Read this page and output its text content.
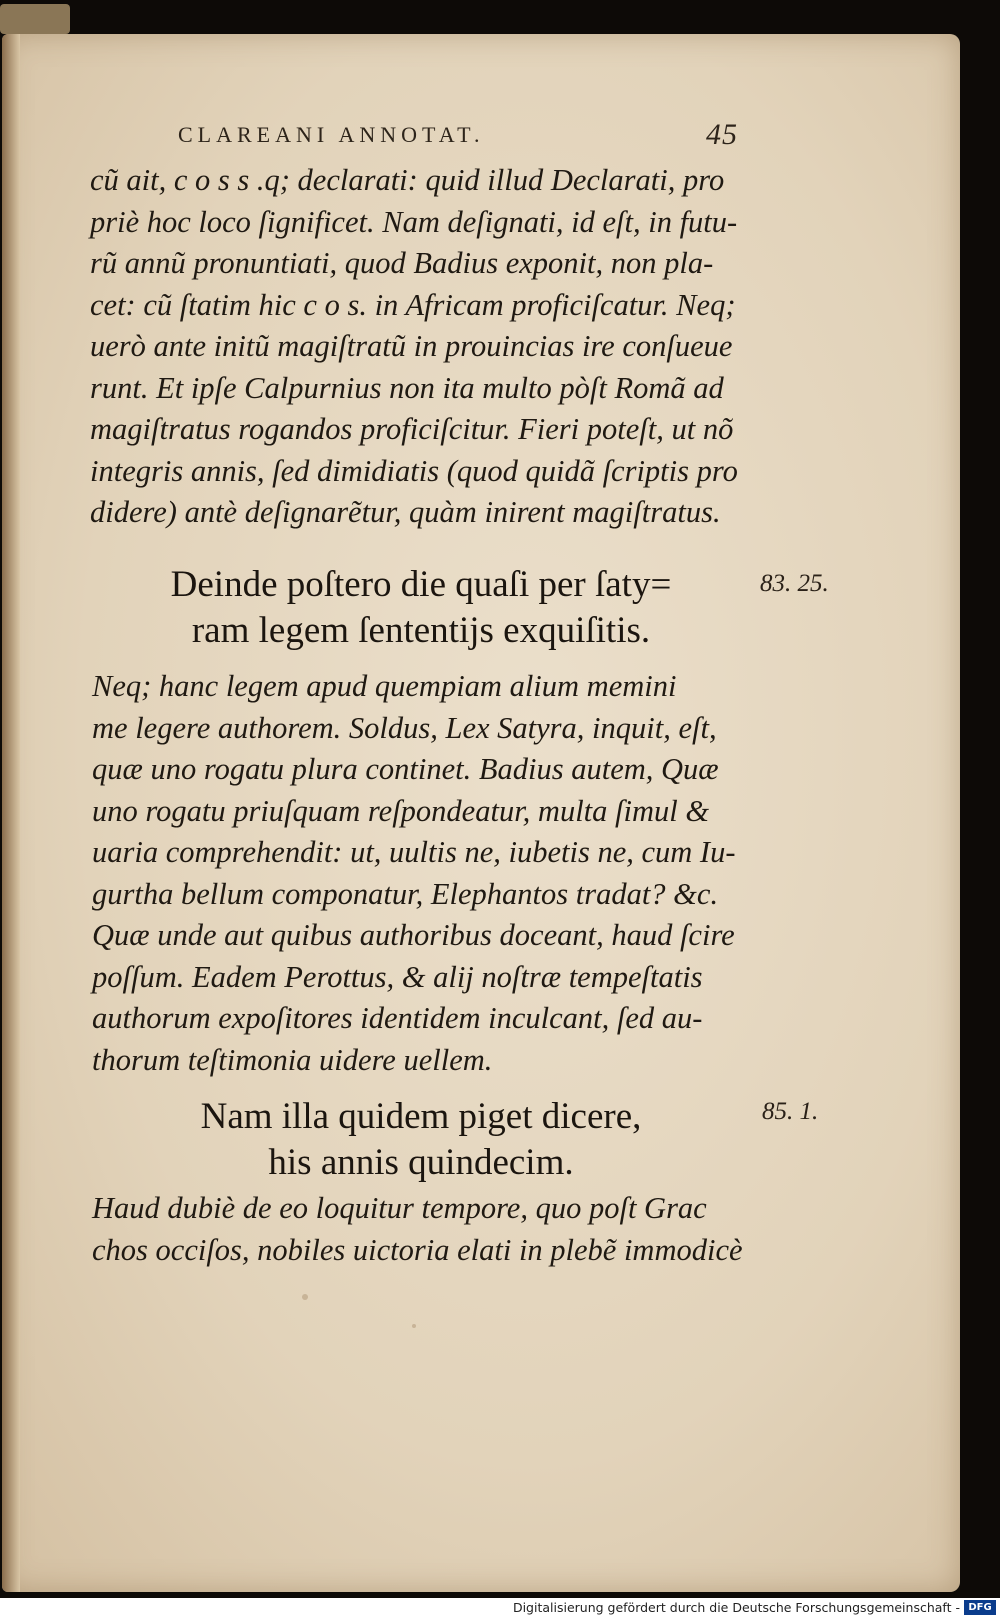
CLAREANI ANNOTAT.	45
cũ ait, c o s s .q; declarati: quid illud Declarati, pro
priè hoc loco ſignificet. Nam deſignati, id eſt, in futu-
rũ annũ pronuntiati, quod Badius exponit, non pla-
cet: cũ ſtatim hic c o s. in Africam proficiſcatur. Neq;
uerò ante initũ magiſtratũ in prouincias ire conſueue
runt. Et ipſe Calpurnius non ita multo pòſt Romã ad
magiſtratus rogandos proficiſcitur. Fieri poteſt, ut nõ
integris annis, ſed dimidiatis (quod quidã ſcriptis pro
didere) antè deſignarẽtur, quàm inirent magiſtratus.
Deinde poſtero die quaſi per ſaty=
ram legem ſententijs exquiſitis.
83. 25.
Neq; hanc legem apud quempiam alium memini
me legere authorem. Soldus, Lex Satyra, inquit, eſt,
quæ uno rogatu plura continet. Badius autem, Quæ
uno rogatu priuſquam reſpondeatur, multa ſimul &
uaria comprehendit: ut, uultis ne, iubetis ne, cum Iu-
gurtha bellum componatur, Elephantos tradat? &c.
Quæ unde aut quibus authoribus doceant, haud ſcire
poſſum. Eadem Perottus, & alij noſtræ tempeſtatis
authorum expoſitores identidem inculcant, ſed au-
thorum teſtimonia uidere uellem.
Nam illa quidem piget dicere,
his annis quindecim.
85. 1.
Haud dubiè de eo loquitur tempore, quo poſt Grac
chos occiſos, nobiles uictoria elati in plebẽ immodicè
Digitalisierung gefördert durch die Deutsche Forschungsgemeinschaft - DFG
